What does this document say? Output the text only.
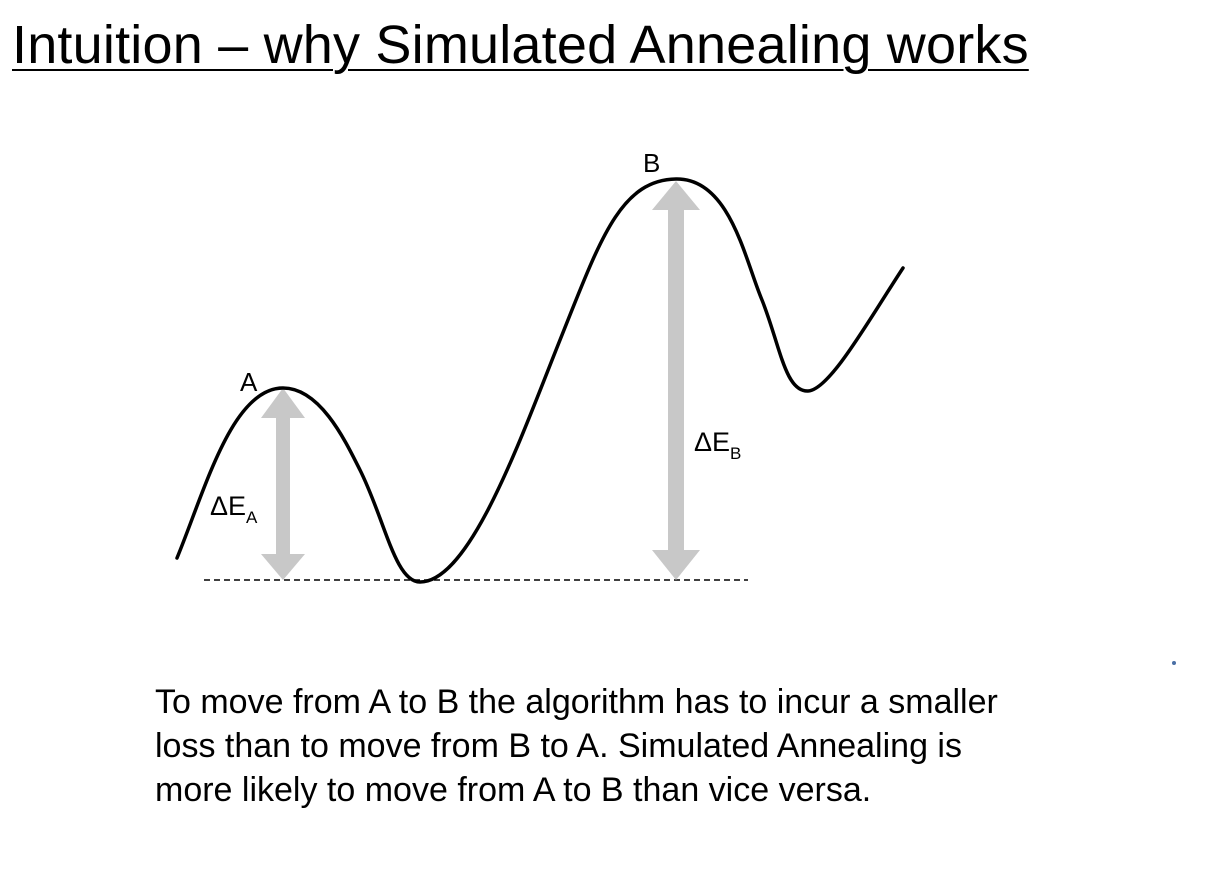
Intuition – why Simulated Annealing works
A
B
$\Delta E_A$
$\Delta E_B$

To move from A to B the algorithm has to incur a smaller
loss than to move from B to A. Simulated Annealing is
more likely to move from A to B than vice versa.
